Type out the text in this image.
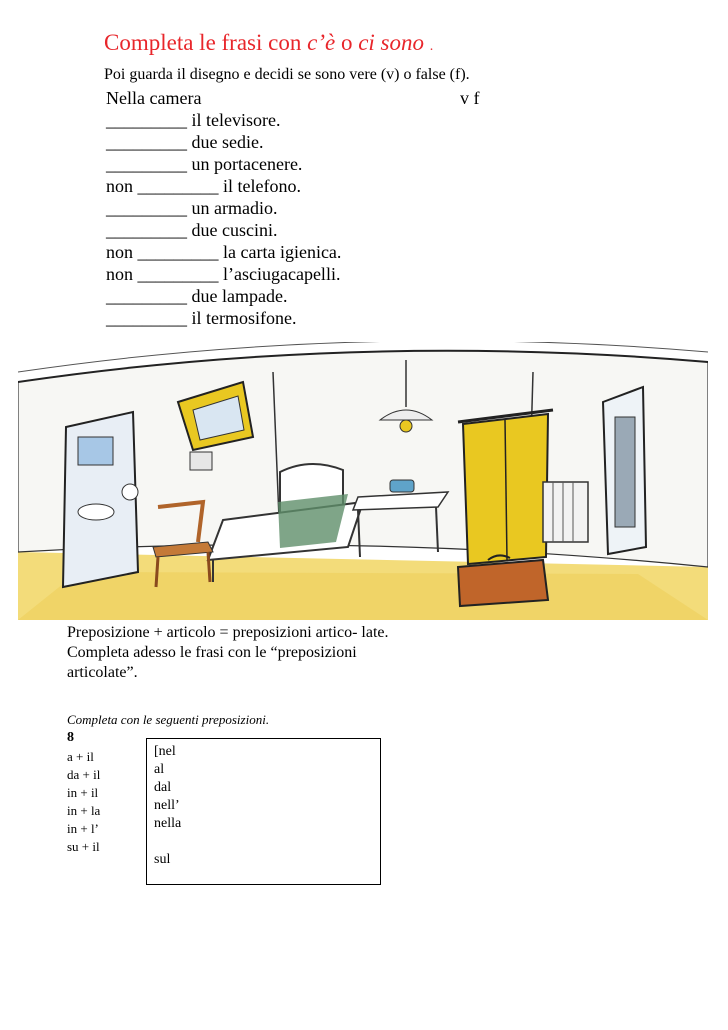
Completa le frasi con c’è o ci sono .
Poi guarda il disegno e decidi se sono vere (v) o false (f).
Nella camera	v f
_________ il televisore.
_________ due sedie.
_________ un portacenere.
non _________ il telefono.
_________ un armadio.
_________ due cuscini.
non _________ la carta igienica.
non _________ l’asciugacapelli.
_________ due lampade.
_________ il termosifone.
Preposizione + articolo = preposizioni artico- late.
Completa adesso le frasi con le “preposizioni
articolate”.
Completa con le seguenti preposizioni.
8
a + il
da + il
in + il
in + la
in + l’
su + il
[nel
al
dal
nell’
nella
sul
